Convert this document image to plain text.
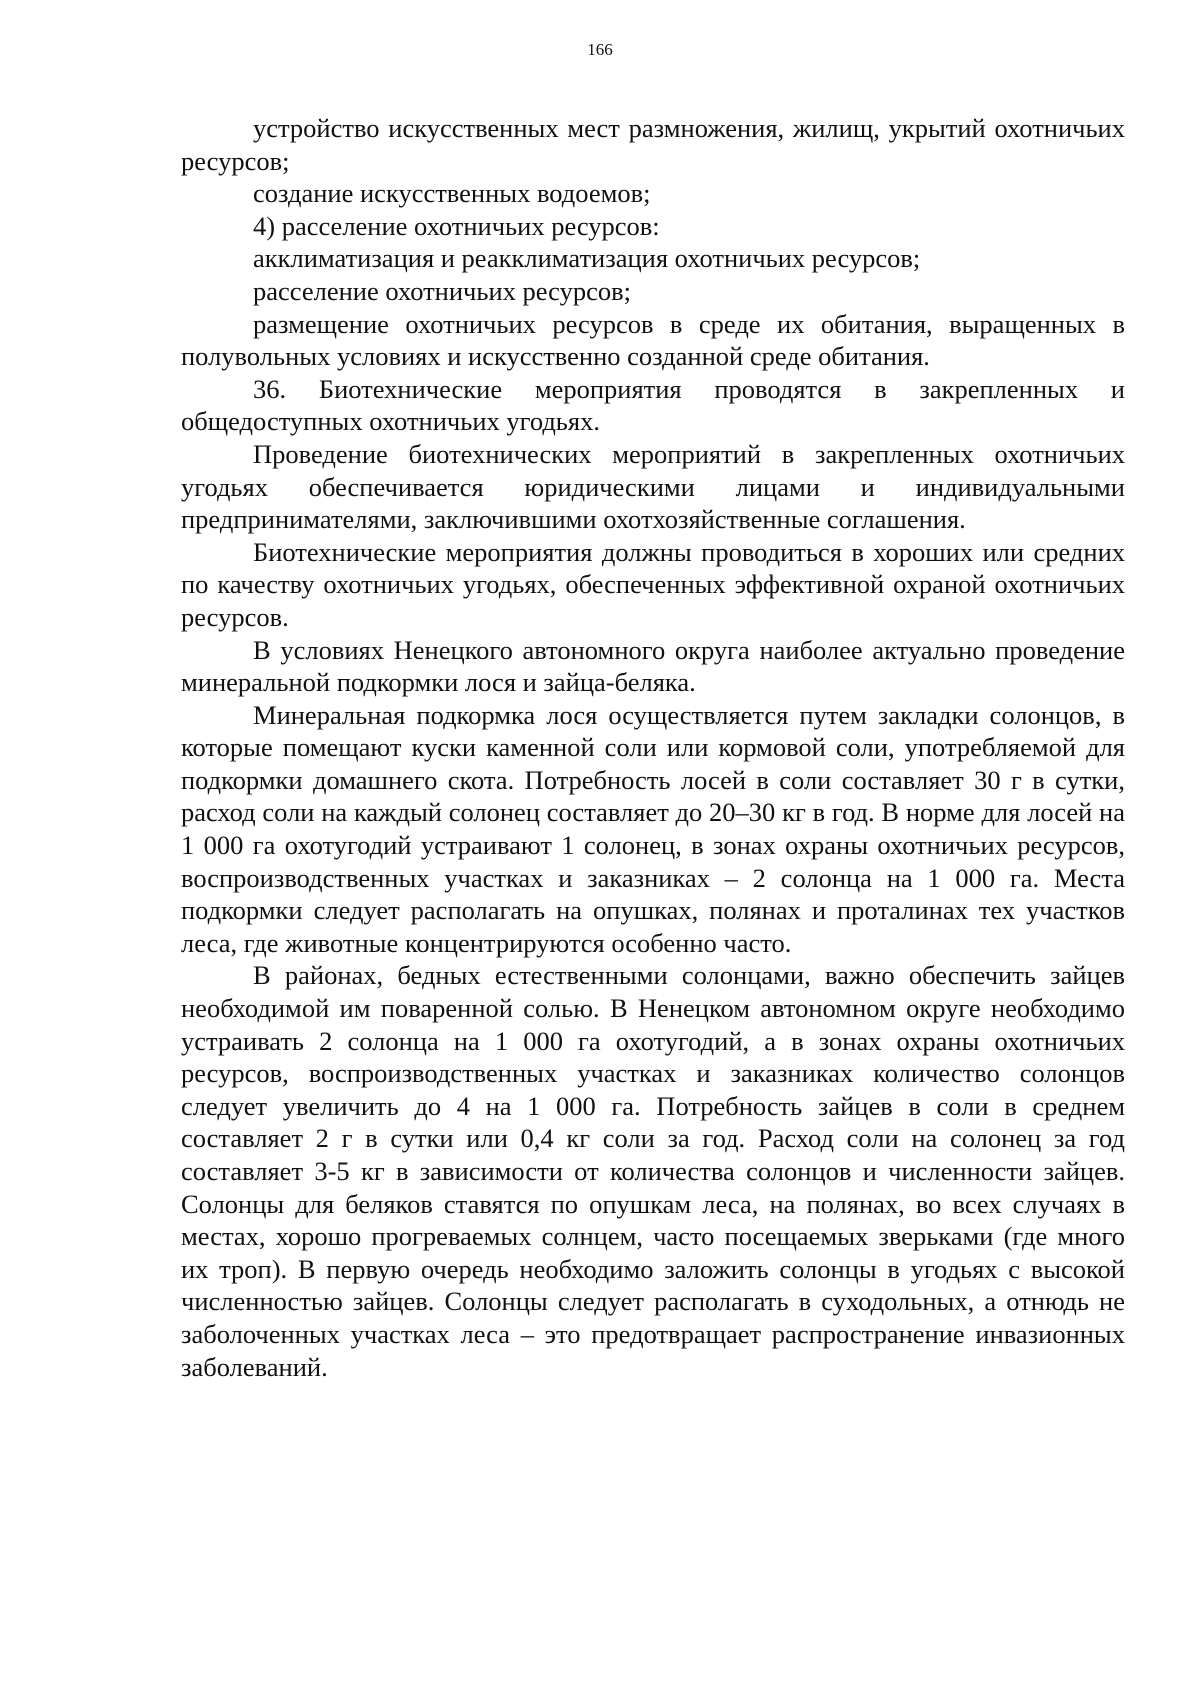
166

устройство искусственных мест размножения, жилищ, укрытий охотничьих ресурсов;

создание искусственных водоемов;

4) расселение охотничьих ресурсов:

акклиматизация и реакклиматизация охотничьих ресурсов;

расселение охотничьих ресурсов;

размещение охотничьих ресурсов в среде их обитания, выращенных в полувольных условиях и искусственно созданной среде обитания.

36. Биотехнические мероприятия проводятся в закрепленных и общедоступных охотничьих угодьях.

Проведение биотехнических мероприятий в закрепленных охотничьих угодьях обеспечивается юридическими лицами и индивидуальными предпринимателями, заключившими охотхозяйственные соглашения.

Биотехнические мероприятия должны проводиться в хороших или средних по качеству охотничьих угодьях, обеспеченных эффективной охраной охотничьих ресурсов.

В условиях Ненецкого автономного округа наиболее актуально проведение минеральной подкормки лося и зайца-беляка.

Минеральная подкормка лося осуществляется путем закладки солонцов, в которые помещают куски каменной соли или кормовой соли, употребляемой для подкормки домашнего скота. Потребность лосей в соли составляет 30 г в сутки, расход соли на каждый солонец составляет до 20–30 кг в год. В норме для лосей на 1 000 га охотугодий устраивают 1 солонец, в зонах охраны охотничьих ресурсов, воспроизводственных участках и заказниках – 2 солонца на 1 000 га. Места подкормки следует располагать на опушках, полянах и проталинах тех участков леса, где животные концентрируются особенно часто.

В районах, бедных естественными солонцами, важно обеспечить зайцев необходимой им поваренной солью. В Ненецком автономном округе необходимо устраивать 2 солонца на 1 000 га охотугодий, а в зонах охраны охотничьих ресурсов, воспроизводственных участках и заказниках количество солонцов следует увеличить до 4 на 1 000 га. Потребность зайцев в соли в среднем составляет 2 г в сутки или 0,4 кг соли за год. Расход соли на солонец за год составляет 3-5 кг в зависимости от количества солонцов и численности зайцев. Солонцы для беляков ставятся по опушкам леса, на полянах, во всех случаях в местах, хорошо прогреваемых солнцем, часто посещаемых зверьками (где много их троп). В первую очередь необходимо заложить солонцы в угодьях с высокой численностью зайцев. Солонцы следует располагать в суходольных, а отнюдь не заболоченных участках леса – это предотвращает распространение инвазионных заболеваний.
